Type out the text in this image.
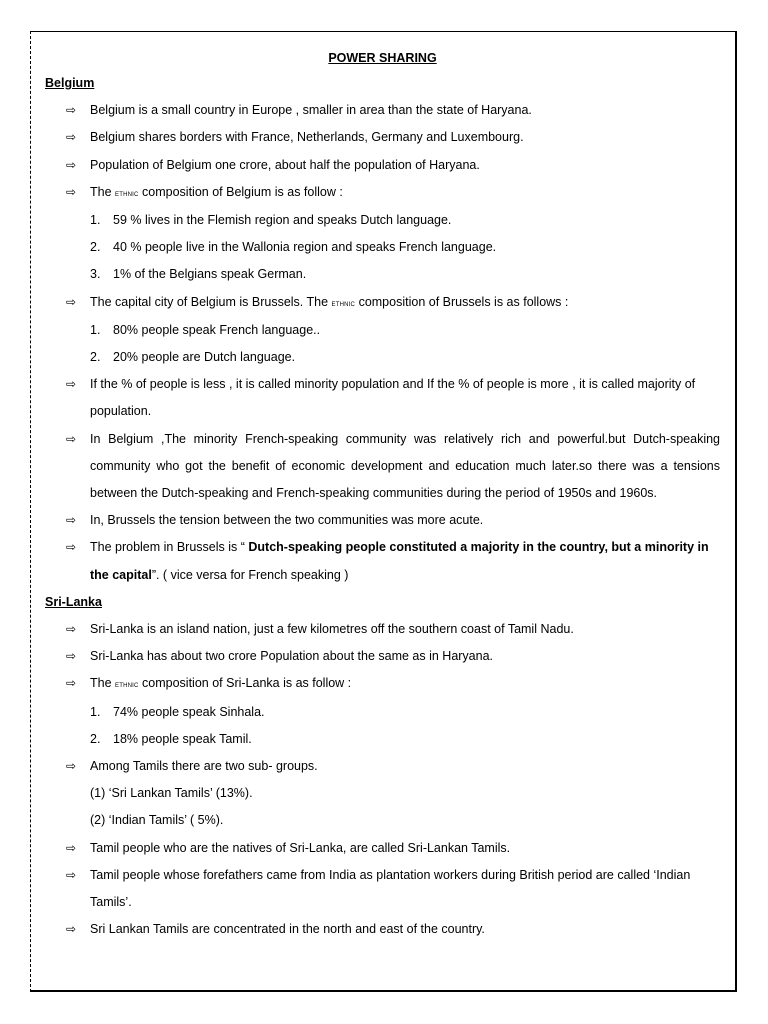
POWER SHARING
Belgium
⇨ Belgium is a small country in Europe , smaller in area than the state of Haryana.
⇨ Belgium shares borders with France, Netherlands, Germany and Luxembourg.
⇨ Population of Belgium one crore, about half the population of Haryana.
⇨ The ethnic composition of Belgium is as follow :
1. 59 % lives in the Flemish region and speaks Dutch language.
2. 40 % people live in the Wallonia region and speaks French language.
3. 1% of the Belgians speak German.
⇨ The capital city of Belgium is Brussels. The ethnic composition of Brussels is as follows :
1. 80% people speak French language..
2. 20% people are Dutch language.
⇨ If the % of people is less , it is called minority population and If the % of people is more , it is called majority of population.
⇨ In Belgium ,The minority French-speaking community was relatively rich and powerful.but Dutch-speaking community who got the benefit of economic development and education much later.so there was a tensions between the Dutch-speaking and French-speaking communities during the period of 1950s and 1960s.
⇨ In, Brussels the tension between the two communities was more acute.
⇨ The problem in Brussels is “ Dutch-speaking people constituted a majority in the country, but a minority in the capital”. ( vice versa for French speaking )
Sri-Lanka
⇨ Sri-Lanka is an island nation, just a few kilometres off the southern coast of Tamil Nadu.
⇨ Sri-Lanka has about two crore Population about the same as in Haryana.
⇨ The ethnic composition of Sri-Lanka is as follow :
1. 74% people speak Sinhala.
2. 18% people speak Tamil.
⇨ Among Tamils there are two sub- groups.
(1) ‘Sri Lankan Tamils’ (13%).
(2) ‘Indian Tamils’ ( 5%).
⇨ Tamil people who are the natives of Sri-Lanka, are called Sri-Lankan Tamils.
⇨ Tamil people whose forefathers came from India as plantation workers during British period are called ‘Indian Tamils’.
⇨ Sri Lankan Tamils are concentrated in the north and east of the country.
